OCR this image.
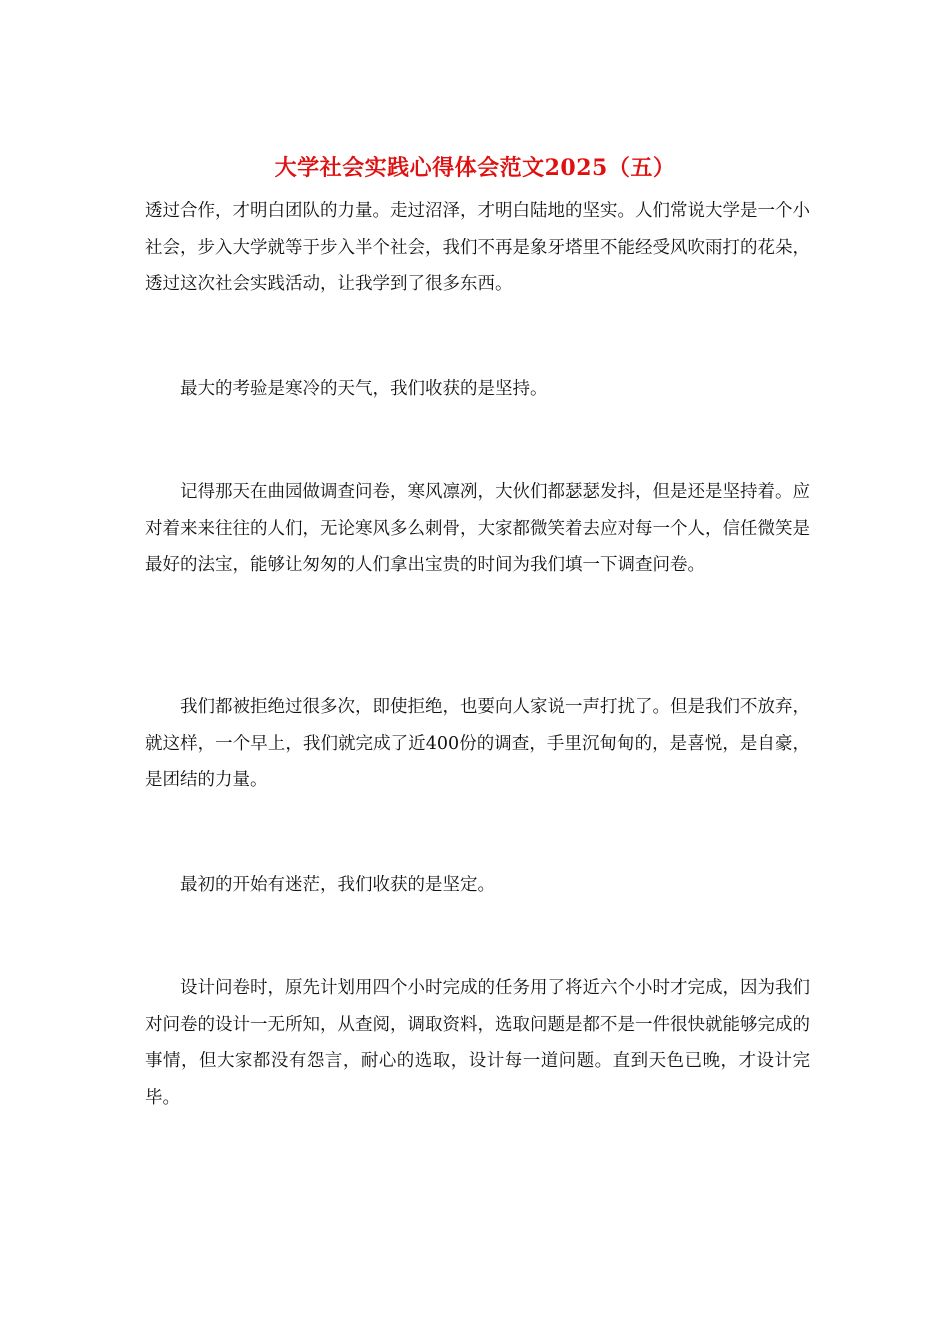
大学社会实践心得体会范文2025（五）

透过合作，才明白团队的力量。走过沼泽，才明白陆地的坚实。人们常说大学是一个小社会，步入大学就等于步入半个社会，我们不再是象牙塔里不能经受风吹雨打的花朵，透过这次社会实践活动，让我学到了很多东西。

最大的考验是寒冷的天气，我们收获的是坚持。

记得那天在曲园做调查问卷，寒风凛冽，大伙们都瑟瑟发抖，但是还是坚持着。应对着来来往往的人们，无论寒风多么刺骨，大家都微笑着去应对每一个人，信任微笑是最好的法宝，能够让匆匆的人们拿出宝贵的时间为我们填一下调查问卷。

我们都被拒绝过很多次，即使拒绝，也要向人家说一声打扰了。但是我们不放弃，就这样，一个早上，我们就完成了近400份的调查，手里沉甸甸的，是喜悦，是自豪，是团结的力量。

最初的开始有迷茫，我们收获的是坚定。

设计问卷时，原先计划用四个小时完成的任务用了将近六个小时才完成，因为我们对问卷的设计一无所知，从查阅，调取资料，选取问题是都不是一件很快就能够完成的事情，但大家都没有怨言，耐心的选取，设计每一道问题。直到天色已晚，才设计完毕。
